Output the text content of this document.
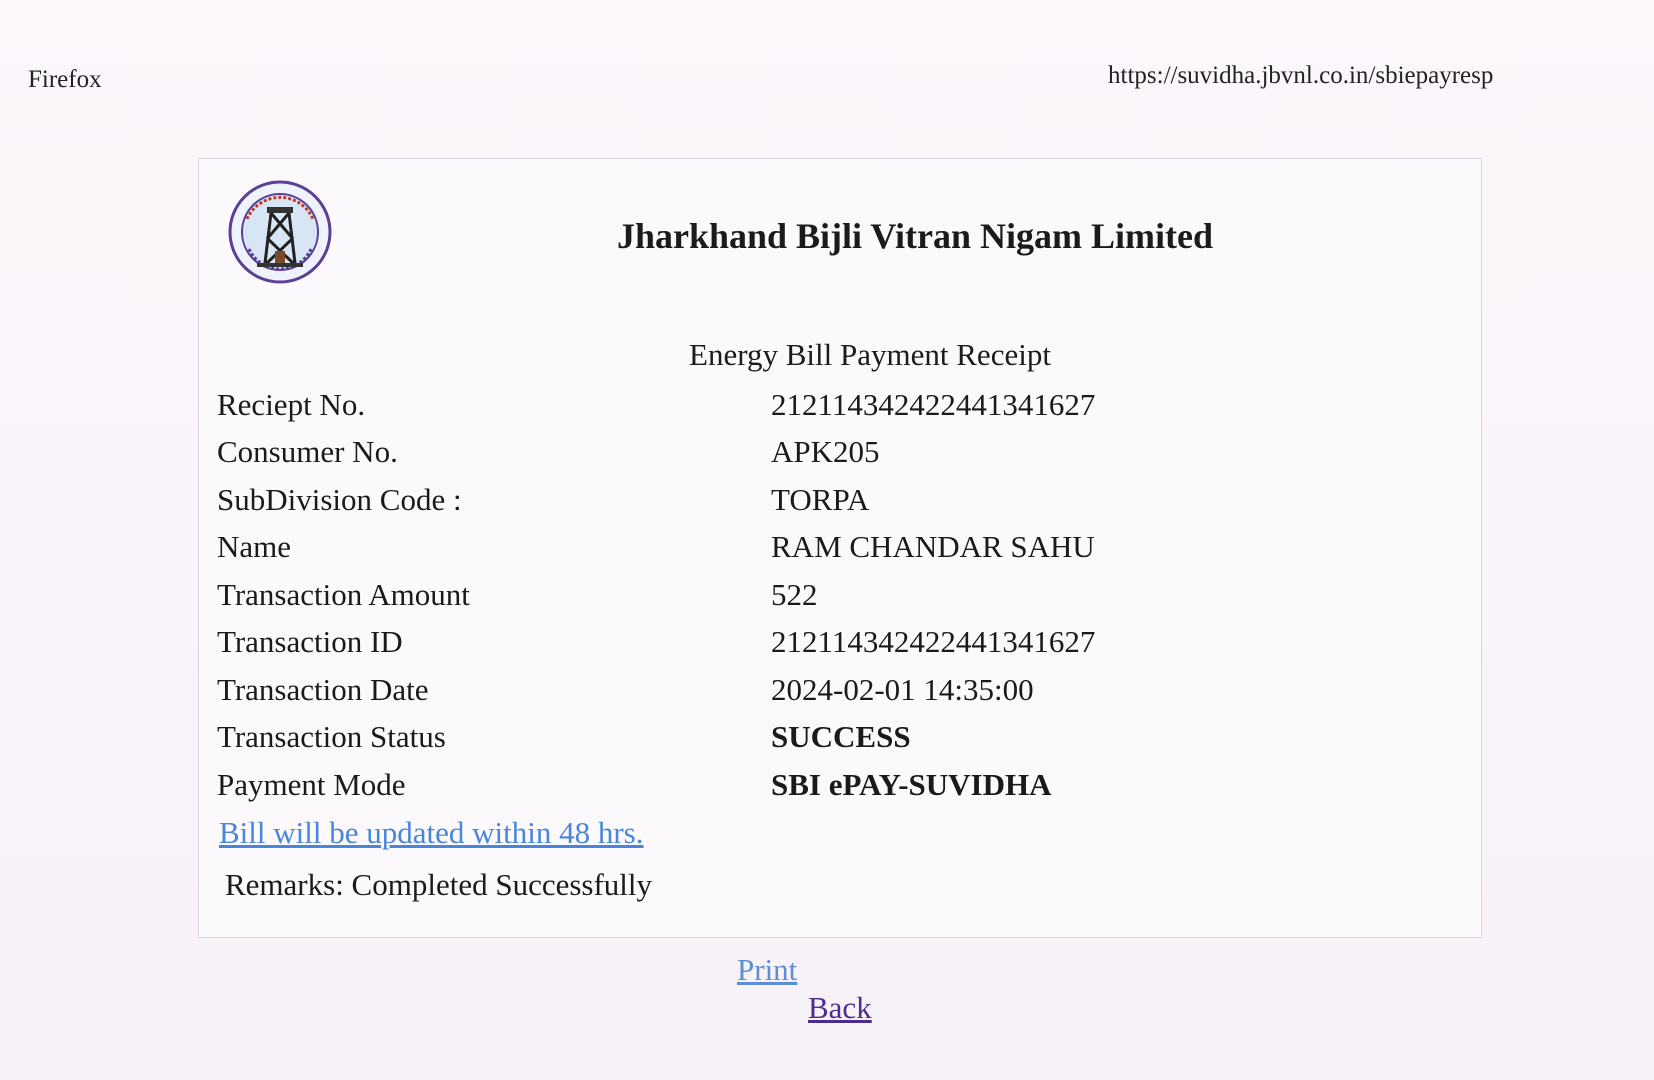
Firefox	https://suvidha.jbvnl.co.in/sbiepayresp
Jharkhand Bijli Vitran Nigam Limited
Energy Bill Payment Receipt
Reciept No.	212114342422441341627
Consumer No.	APK205
SubDivision Code :	TORPA
Name	RAM CHANDAR SAHU
Transaction Amount	522
Transaction ID	212114342422441341627
Transaction Date	2024-02-01 14:35:00
Transaction Status	SUCCESS
Payment Mode	SBI ePAY-SUVIDHA
Bill will be updated within 48 hrs.
Remarks: Completed Successfully
Print
Back
